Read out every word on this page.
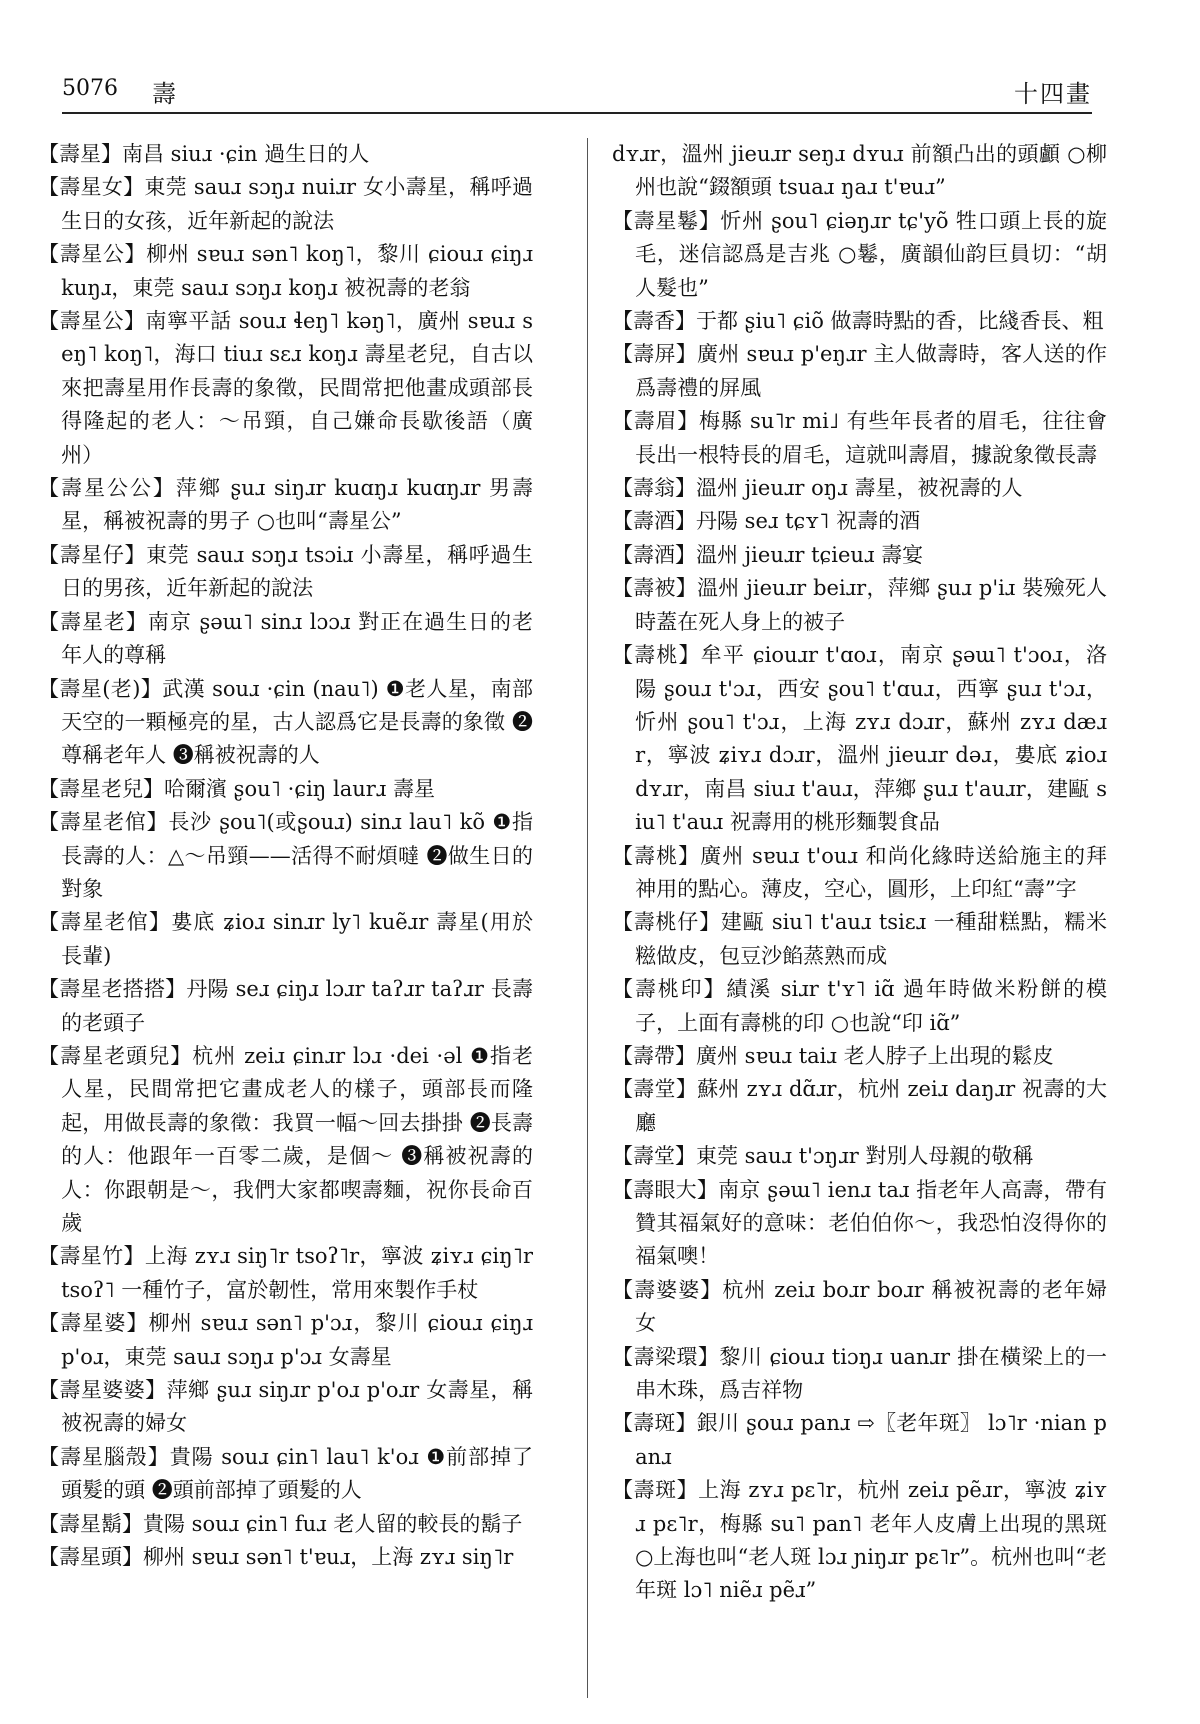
5076 壽	十四畫

【壽星】南昌 siuɹ ·ɕin 過生日的人

【壽星女】東莞 sauɹ sɔŋɹ nuiɹr 女小壽星，稱呼過生日的女孩，近年新起的說法

【壽星公】柳州 sɐuɹ sən˥ koŋ˥，黎川 ɕiouɹ ɕiŋɹ kuŋɹ，東莞 sauɹ sɔŋɹ koŋɹ 被祝壽的老翁

【壽星公】南寧平話 souɹ ɬeŋ˥ kəŋ˥，廣州 sɐuɹ seŋ˥ koŋ˥，海口 tiuɹ sɛɹ koŋɹ 壽星老兒，自古以來把壽星用作長壽的象徵，民間常把他畫成頭部長得隆起的老人：～吊頸，自己嫌命長歇後語（廣州）

【壽星公公】萍鄉 ʂuɹ siŋɹr kuɑŋɹ kuɑŋɹr 男壽星，稱被祝壽的男子 ○也叫“壽星公”

【壽星仔】東莞 sauɹ sɔŋɹ tsɔiɹ 小壽星，稱呼過生日的男孩，近年新起的說法

【壽星老】南京 ʂəɯ˥ sinɹ lɔɔɹ 對正在過生日的老年人的尊稱

【壽星(老)】武漢 souɹ ·ɕin (nau˥) ❶老人星，南部天空的一顆極亮的星，古人認爲它是長壽的象徵 ❷尊稱老年人 ❸稱被祝壽的人

【壽星老兒】哈爾濱 ʂou˥ ·ɕiŋ laurɹ 壽星

【壽星老倌】長沙 ʂou˥(或ʂouɹ) sinɹ lau˥ kõ ❶指長壽的人：△～吊頸——活得不耐煩噠 ❷做生日的對象

【壽星老倌】婁底 ʑioɹ sinɹr ly˥ kuẽɹr 壽星(用於長輩)

【壽星老搭搭】丹陽 seɹ ɕiŋɹ lɔɹr taʔɹr taʔɹr 長壽的老頭子

【壽星老頭兒】杭州 zeiɹ ɕinɹr lɔɹ ·dei ·əl ❶指老人星，民間常把它畫成老人的樣子，頭部長而隆起，用做長壽的象徵：我買一幅～回去掛掛 ❷長壽的人：他跟年一百零二歲，是個～ ❸稱被祝壽的人：你跟朝是～，我們大家都喫壽麵，祝你長命百歲

【壽星竹】上海 zʏɹ siŋ˥r tsoʔ˥r，寧波 ʑiʏɹ ɕiŋ˥r tsoʔ˥ 一種竹子，富於韌性，常用來製作手杖

【壽星婆】柳州 sɐuɹ sən˥ p'ɔɹ，黎川 ɕiouɹ ɕiŋɹ p'oɹ，東莞 sauɹ sɔŋɹ p'ɔɹ 女壽星

【壽星婆婆】萍鄉 ʂuɹ siŋɹr p'oɹ p'oɹr 女壽星，稱被祝壽的婦女

【壽星腦殼】貴陽 souɹ ɕin˥ lau˥ k'oɹ ❶前部掉了頭髮的頭 ❷頭前部掉了頭髮的人

【壽星鬍】貴陽 souɹ ɕin˥ fuɹ 老人留的較長的鬍子

【壽星頭】柳州 sɐuɹ sən˥ t'ɐuɹ，上海 zʏɹ siŋ˥r

dʏɹr，溫州 jieuɹr seŋɹ dʏuɹ 前額凸出的頭顱 ○柳州也說“錣額頭 tsuaɹ ŋaɹ t'ɐuɹ”

【壽星鬈】忻州 ʂou˥ ɕiəŋɹr tɕ'yõ 牲口頭上長的旋毛，迷信認爲是吉兆 ○鬈，廣韻仙韵巨員切：“胡人髮也”

【壽香】于都 ʂiu˥ ɕiõ 做壽時點的香，比綫香長、粗

【壽屏】廣州 sɐuɹ p'eŋɹr 主人做壽時，客人送的作爲壽禮的屏風

【壽眉】梅縣 su˥r mi˩ 有些年長者的眉毛，往往會長出一根特長的眉毛，這就叫壽眉，據說象徵長壽

【壽翁】溫州 jieuɹr oŋɹ 壽星，被祝壽的人

【壽酒】丹陽 seɹ tɕʏ˥ 祝壽的酒

【壽酒】溫州 jieuɹr tɕieuɹ 壽宴

【壽被】溫州 jieuɹr beiɹr，萍鄉 ʂuɹ p'iɹ 裝殮死人時蓋在死人身上的被子

【壽桃】牟平 ɕiouɹr t'ɑoɹ，南京 ʂəɯ˥ t'ɔoɹ，洛陽 ʂouɹ t'ɔɹ，西安 ʂou˥ t'ɑuɹ，西寧 ʂuɹ t'ɔɹ，忻州 ʂou˥ t'ɔɹ，上海 zʏɹ dɔɹr，蘇州 zʏɹ dæɹr，寧波 ʑiʏɹ dɔɹr，溫州 jieuɹr dəɹ，婁底 ʑioɹ dʏɹr，南昌 siuɹ t'auɹ，萍鄉 ʂuɹ t'auɹr，建甌 siu˥ t'auɹ 祝壽用的桃形麵製食品

【壽桃】廣州 sɐuɹ t'ouɹ 和尚化緣時送給施主的拜神用的點心。薄皮，空心，圓形，上印紅“壽”字

【壽桃仔】建甌 siu˥ t'auɹ tsiɛɹ 一種甜糕點，糯米糍做皮，包豆沙餡蒸熟而成

【壽桃印】績溪 siɹr t'ʏ˥ iɑ̃ 過年時做米粉餅的模子，上面有壽桃的印 ○也說“印 iɑ̃”

【壽帶】廣州 sɐuɹ taiɹ 老人脖子上出現的鬆皮

【壽堂】蘇州 zʏɹ dɑ̃ɹr，杭州 zeiɹ daŋɹr 祝壽的大廳

【壽堂】東莞 sauɹ t'ɔŋɹr 對別人母親的敬稱

【壽眼大】南京 ʂəɯ˥ ienɹ taɹ 指老年人高壽，帶有贊其福氣好的意味：老伯伯你～，我恐怕沒得你的福氣噢！

【壽婆婆】杭州 zeiɹ boɹr boɹr 稱被祝壽的老年婦女

【壽梁環】黎川 ɕiouɹ tiɔŋɹ uanɹr 掛在橫梁上的一串木珠，爲吉祥物

【壽斑】銀川 ʂouɹ panɹ ⇨〖老年斑〗 lɔ˥r ·nian panɹ

【壽斑】上海 zʏɹ pɛ˥r，杭州 zeiɹ pẽɹr，寧波 ʑiʏɹ pɛ˥r，梅縣 su˥ pan˥ 老年人皮膚上出現的黑斑 ○上海也叫“老人斑 lɔɹ ɲiŋɹr pɛ˥r”。杭州也叫“老年斑 lɔ˥ niẽɹ pẽɹ”
